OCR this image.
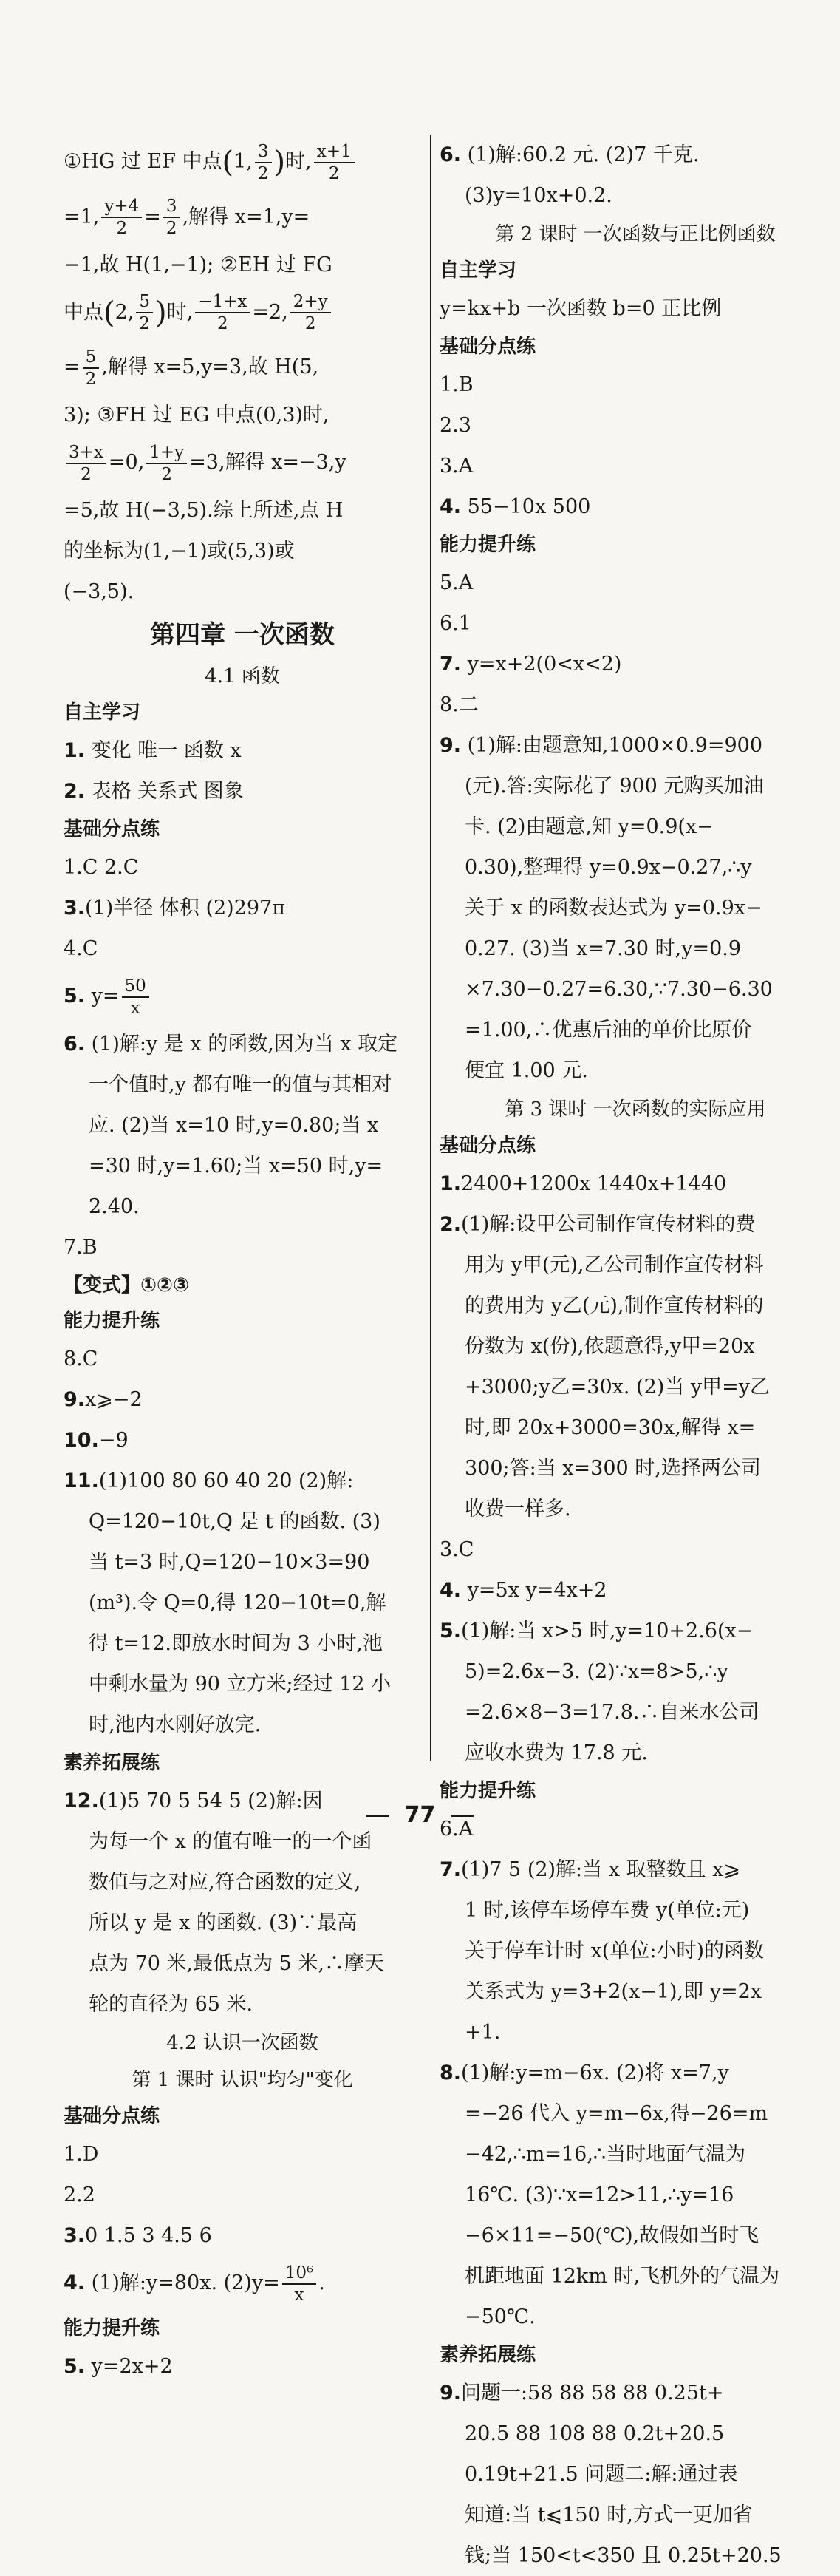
①HG 过 EF 中点(1, $\frac{3}{2}$ )时, $\frac{x+1}{2}$
=1, $\frac{y+4}{2} = \frac{3}{2}$ ,解得 x=1,y=
−1,故 H(1,−1); ②EH 过 FG
中点(2, $\frac{5}{2}$ )时, $\frac{-1+x}{2} =2$, $\frac{2+y}{2}$
= $\frac{5}{2}$ ,解得 x=5,y=3,故 H(5,
3); ③FH 过 EG 中点(0,3)时,
$\frac{3+x}{2} =0$, $\frac{1+y}{2} =3$,解得 x=−3,y
=5,故 H(−3,5).综上所述,点 H
的坐标为(1,−1)或(5,3)或
(−3,5).
第四章 一次函数
4.1 函数
自主学习
1. 变化 唯一 函数 x
2. 表格 关系式 图象
基础分点练
1.C 2.C
3.(1)半径 体积 (2)297π
4.C
5. $y= \frac{50}{x}$
6. (1)解:y 是 x 的函数,因为当 x 取定
一个值时,y 都有唯一的值与其相对
应. (2)当 x=10 时,y=0.80;当 x
=30 时,y=1.60;当 x=50 时,y=
2.40.
7.B
【变式】①②③
能力提升练
8.C
9.x⩾−2
10.−9
11.(1)100 80 60 40 20 (2)解:
Q=120−10t,Q 是 t 的函数. (3)
当 t=3 时,Q=120−10×3=90
(m³).令 Q=0,得 120−10t=0,解
得 t=12.即放水时间为 3 小时,池
中剩水量为 90 立方米;经过 12 小
时,池内水刚好放完.
素养拓展练
12.(1)5 70 5 54 5 (2)解:因
为每一个 x 的值有唯一的一个函
数值与之对应,符合函数的定义,
所以 y 是 x 的函数. (3)∵最高
点为 70 米,最低点为 5 米,∴摩天
轮的直径为 65 米.
4.2 认识一次函数
第 1 课时 认识"均匀"变化
基础分点练
1.D
2.2
3.0 1.5 3 4.5 6
4. (1)解:y=80x. $(2)y= \frac{\text{10⁶}}{x}$ .
能力提升练
5. y=2x+2
6. (1)解:60.2 元. (2)7 千克.
(3)y=10x+0.2.
第 2 课时 一次函数与正比例函数
自主学习
y=kx+b 一次函数 b=0 正比例
基础分点练
1.B
2.3
3.A
4. 55−10x 500
能力提升练
5.A
6.1
7. y=x+2(0<x<2)
8.二
9. (1)解:由题意知,1000×0.9=900
(元).答:实际花了 900 元购买加油
卡. (2)由题意,知 y=0.9(x−
0.30),整理得 y=0.9x−0.27,∴y
关于 x 的函数表达式为 y=0.9x−
0.27. (3)当 x=7.30 时,y=0.9
×7.30−0.27=6.30,∵7.30−6.30
=1.00,∴优惠后油的单价比原价
便宜 1.00 元.
第 3 课时 一次函数的实际应用
基础分点练
1.2400+1200x 1440x+1440
2.(1)解:设甲公司制作宣传材料的费
用为 y甲(元),乙公司制作宣传材料
的费用为 y乙(元),制作宣传材料的
份数为 x(份),依题意得,y甲=20x
+3000;y乙=30x. (2)当 y甲=y乙
时,即 20x+3000=30x,解得 x=
300;答:当 x=300 时,选择两公司
收费一样多.
3.C
4. y=5x y=4x+2
5.(1)解:当 x>5 时,y=10+2.6(x−
5)=2.6x−3. (2)∵x=8>5,∴y
=2.6×8−3=17.8.∴自来水公司
应收水费为 17.8 元.
能力提升练
6.A
7.(1)7 5 (2)解:当 x 取整数且 x⩾
1 时,该停车场停车费 y(单位:元)
关于停车计时 x(单位:小时)的函数
关系式为 y=3+2(x−1),即 y=2x
+1.
8.(1)解:y=m−6x. (2)将 x=7,y
=−26 代入 y=m−6x,得−26=m
−42,∴m=16,∴当时地面气温为
16℃. (3)∵x=12>11,∴y=16
−6×11=−50(℃),故假如当时飞
机距地面 12km 时,飞机外的气温为
−50℃.
素养拓展练
9.问题一:58 88 58 88 0.25t+
20.5 88 108 88 0.2t+20.5
0.19t+21.5 问题二:解:通过表
知道:当 t⩽150 时,方式一更加省
钱;当 150<t<350 且 0.25t+20.5
77
